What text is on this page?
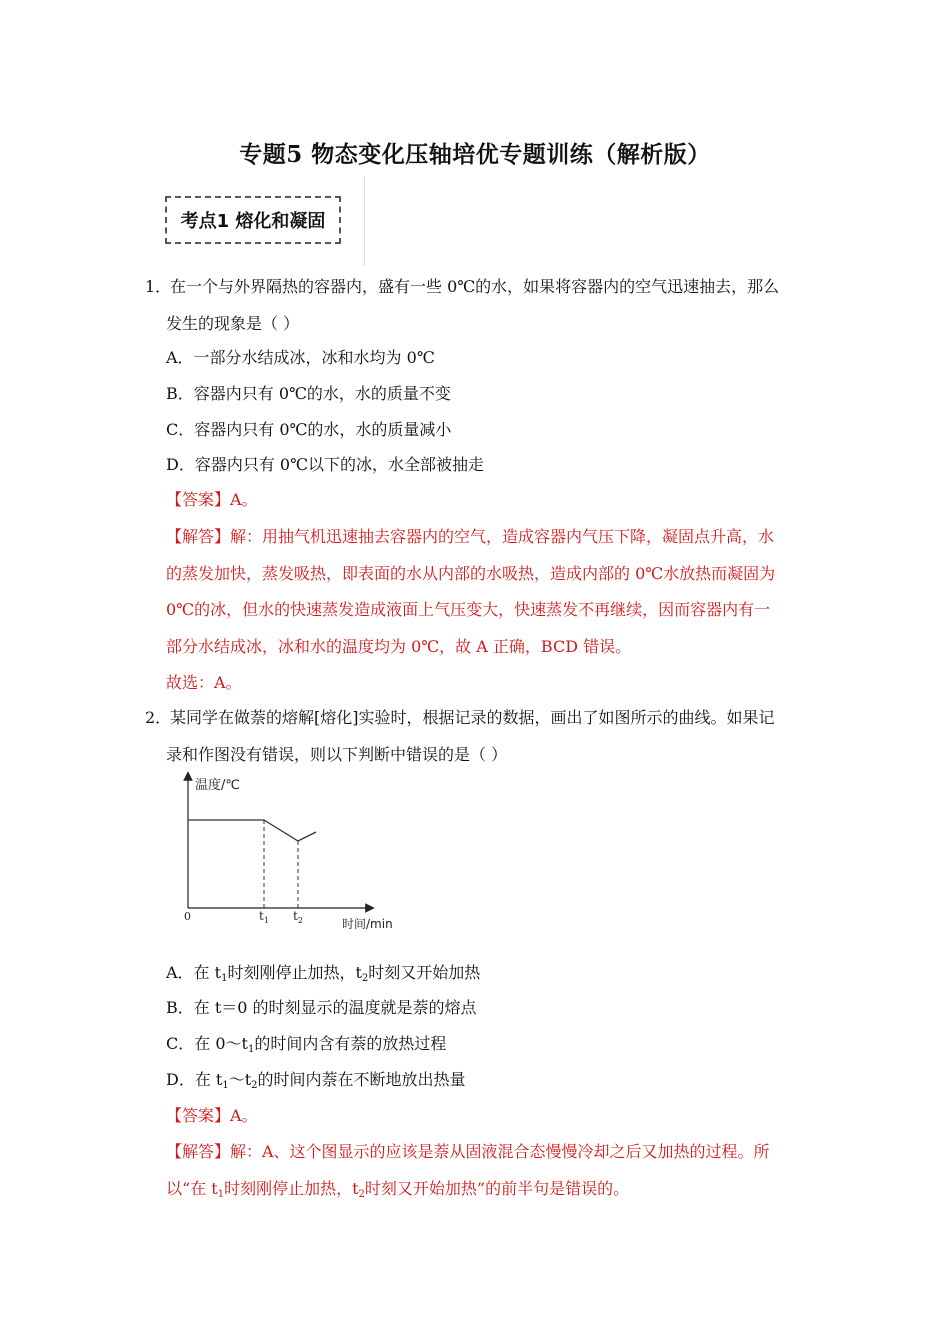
专题5 物态变化压轴培优专题训练（解析版）
考点1 熔化和凝固
1．
在一个与外界隔热的容器内，盛有一些 0℃的水，如果将容器内的空气迅速抽去，那么
发生的现象是（ ）
A．一部分水结成冰，冰和水均为 0℃
B．容器内只有 0℃的水，水的质量不变
C．容器内只有 0℃的水，水的质量减小
D．容器内只有 0℃以下的冰，水全部被抽走
【答案】A。
【解答】解：用抽气机迅速抽去容器内的空气，造成容器内气压下降，凝固点升高，水
的蒸发加快，蒸发吸热，即表面的水从内部的水吸热，造成内部的 0℃水放热而凝固为
0℃的冰，但水的快速蒸发造成液面上气压变大，快速蒸发不再继续，因而容器内有一
部分水结成冰，冰和水的温度均为 0℃，故 A 正确，BCD 错误。
故选：A。
2．
某同学在做萘的熔解[熔化]实验时，根据记录的数据，画出了如图所示的曲线。如果记
录和作图没有错误，则以下判断中错误的是（ ）
温度/℃
时间/min
0	$t_1$ $t_2$
A．在 $t_1$时刻刚停止加热，$t_2$时刻又开始加热
B．在 t＝0 的时刻显示的温度就是萘的熔点
C．在 $0\sim t_1$的时间内含有萘的放热过程
D．在 $t_1\sim t_2$的时间内萘在不断地放出热量
【答案】A。
【解答】解：A、这个图显示的应该是萘从固液混合态慢慢冷却之后又加热的过程。所
以“在 $t_1$时刻刚停止加热，$t_2$时刻又开始加热”的前半句是错误的。
